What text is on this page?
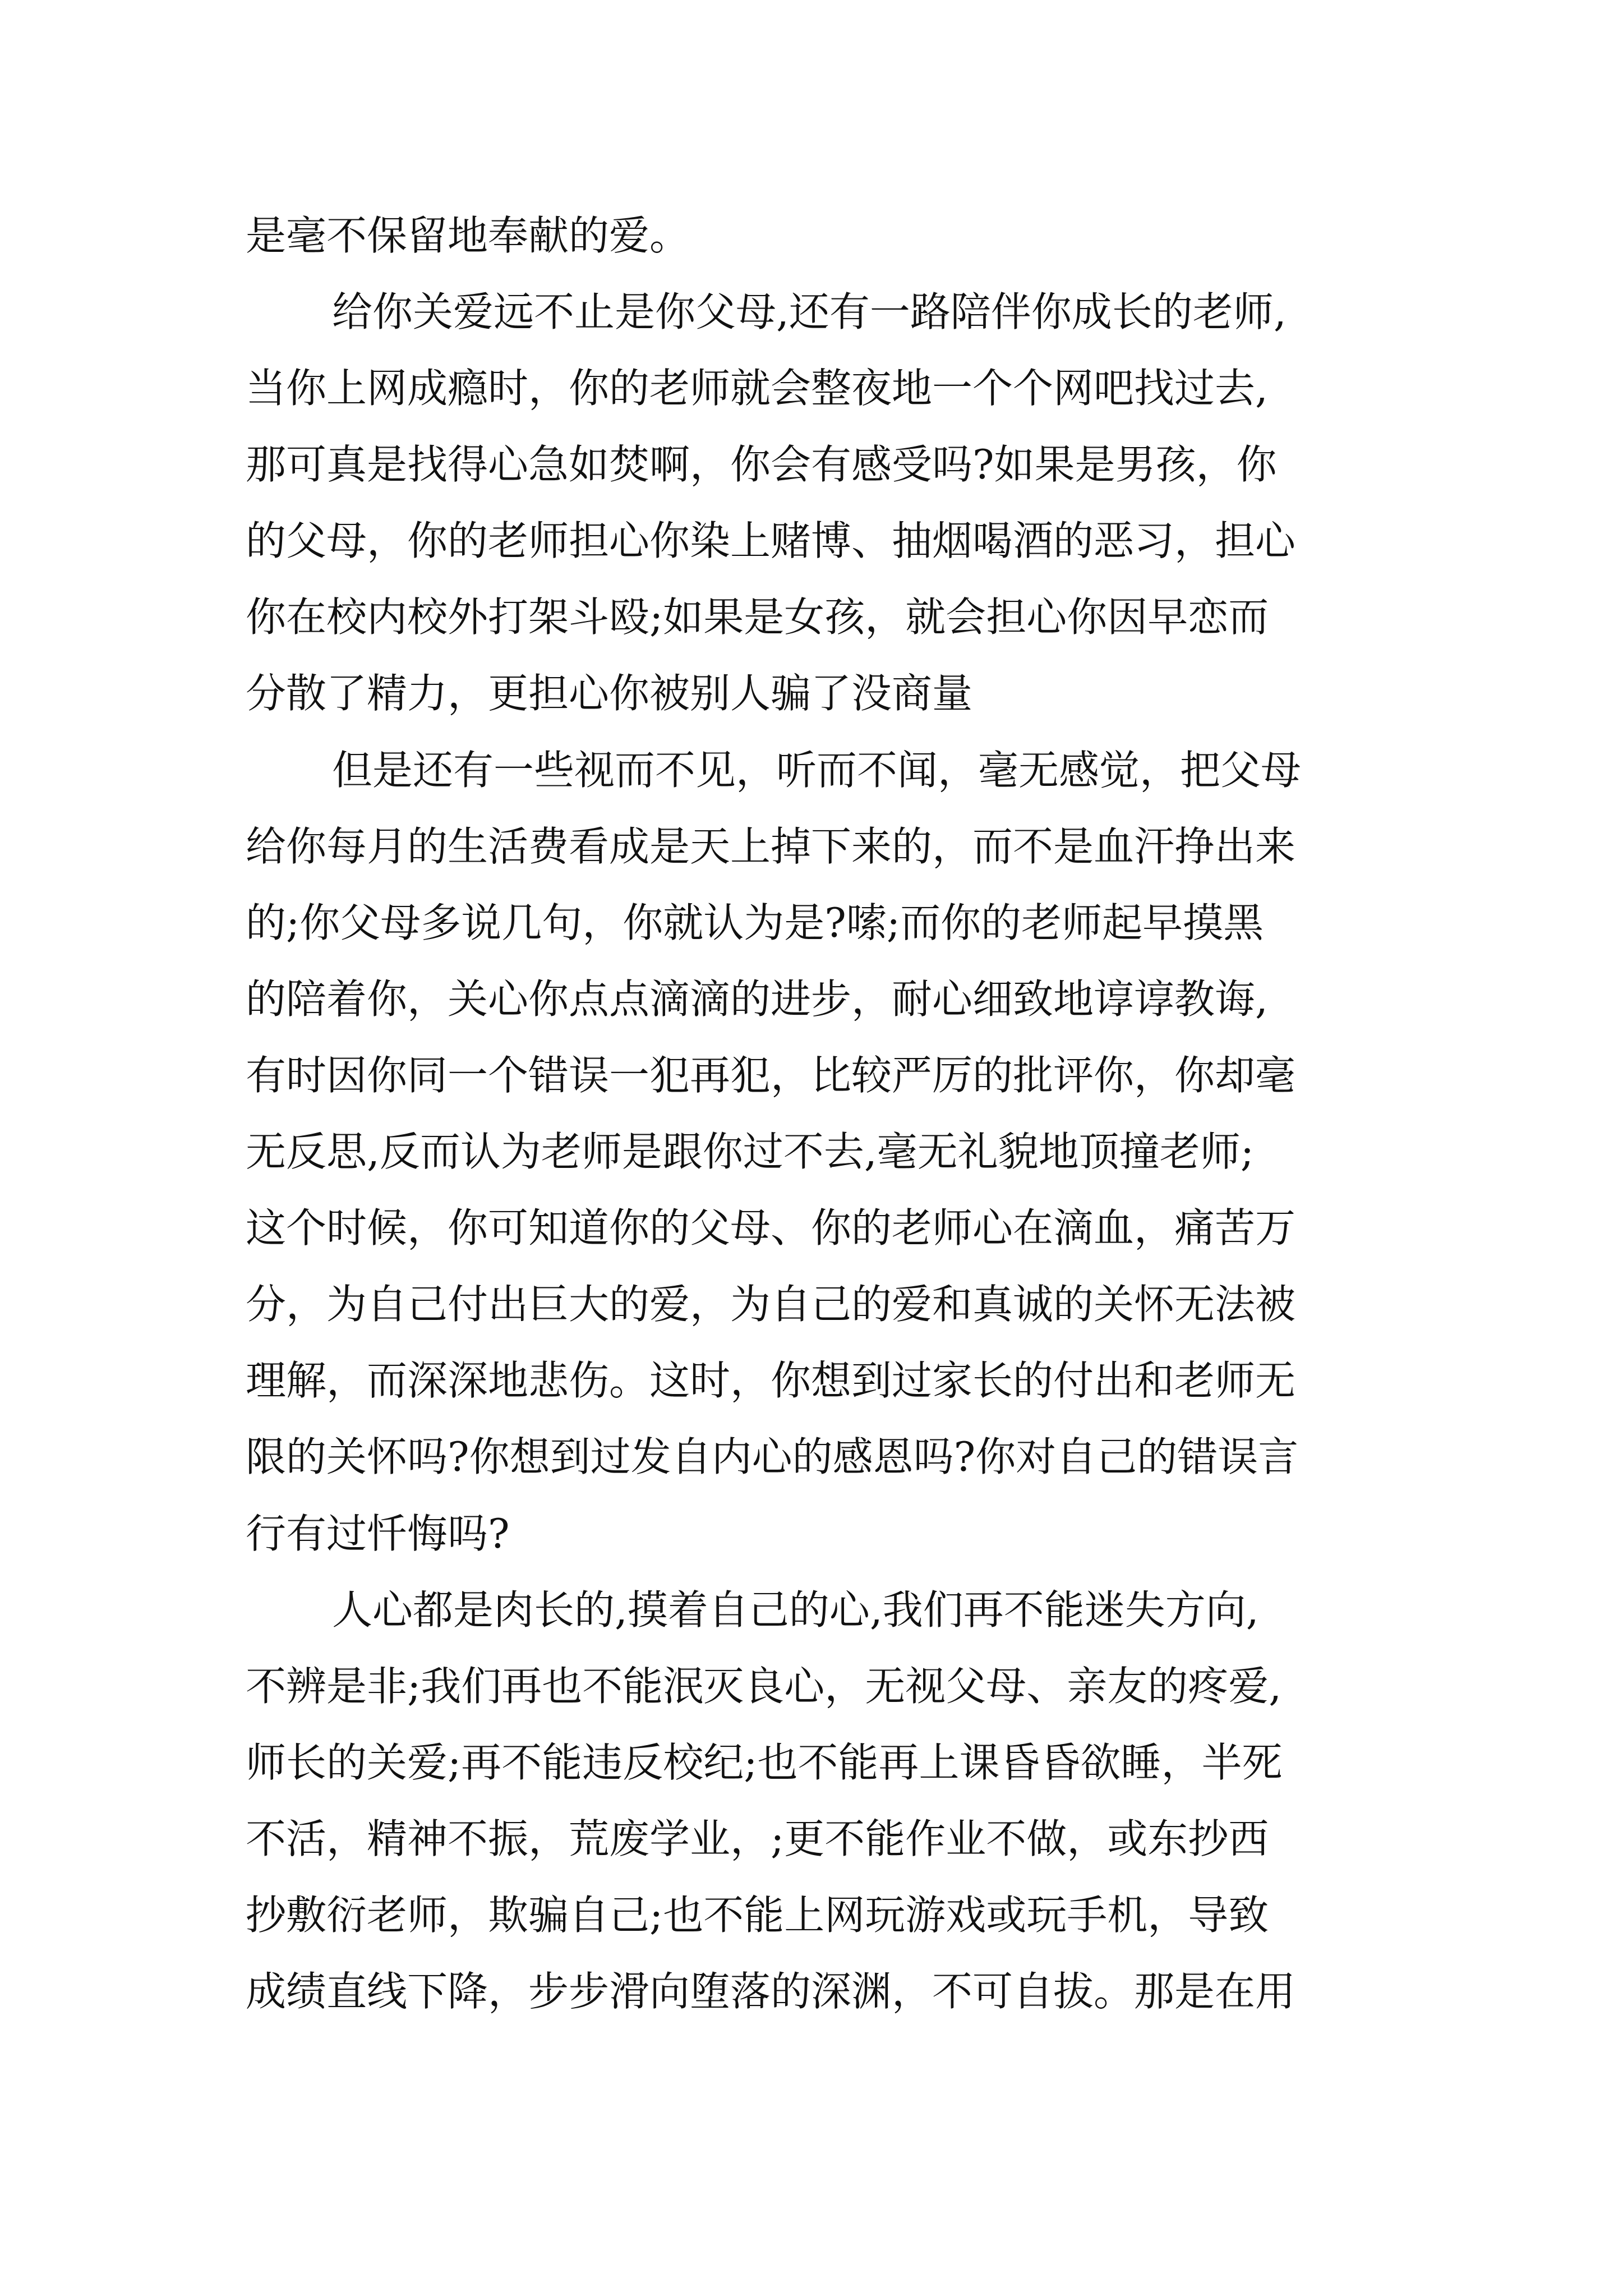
是毫不保留地奉献的爱。
给你关爱远不止是你父母,还有一路陪伴你成长的老师,
当你上网成瘾时，你的老师就会整夜地一个个网吧找过去,
那可真是找得心急如焚啊，你会有感受吗?如果是男孩，你
的父母，你的老师担心你染上赌博、抽烟喝酒的恶习，担心
你在校内校外打架斗殴;如果是女孩，就会担心你因早恋而
分散了精力，更担心你被别人骗了没商量
但是还有一些视而不见，听而不闻，毫无感觉，把父母
给你每月的生活费看成是天上掉下来的，而不是血汗挣出来
的;你父母多说几句，你就认为是?嗦;而你的老师起早摸黑
的陪着你，关心你点点滴滴的进步，耐心细致地谆谆教诲,
有时因你同一个错误一犯再犯，比较严厉的批评你，你却毫
无反思,反而认为老师是跟你过不去,毫无礼貌地顶撞老师;
这个时候，你可知道你的父母、你的老师心在滴血，痛苦万
分，为自己付出巨大的爱，为自己的爱和真诚的关怀无法被
理解，而深深地悲伤。这时，你想到过家长的付出和老师无
限的关怀吗?你想到过发自内心的感恩吗?你对自己的错误言
行有过忏悔吗?
人心都是肉长的,摸着自己的心,我们再不能迷失方向,
不辨是非;我们再也不能泯灭良心，无视父母、亲友的疼爱,
师长的关爱;再不能违反校纪;也不能再上课昏昏欲睡，半死
不活，精神不振，荒废学业，;更不能作业不做，或东抄西
抄敷衍老师，欺骗自己;也不能上网玩游戏或玩手机，导致
成绩直线下降，步步滑向堕落的深渊，不可自拔。那是在用
